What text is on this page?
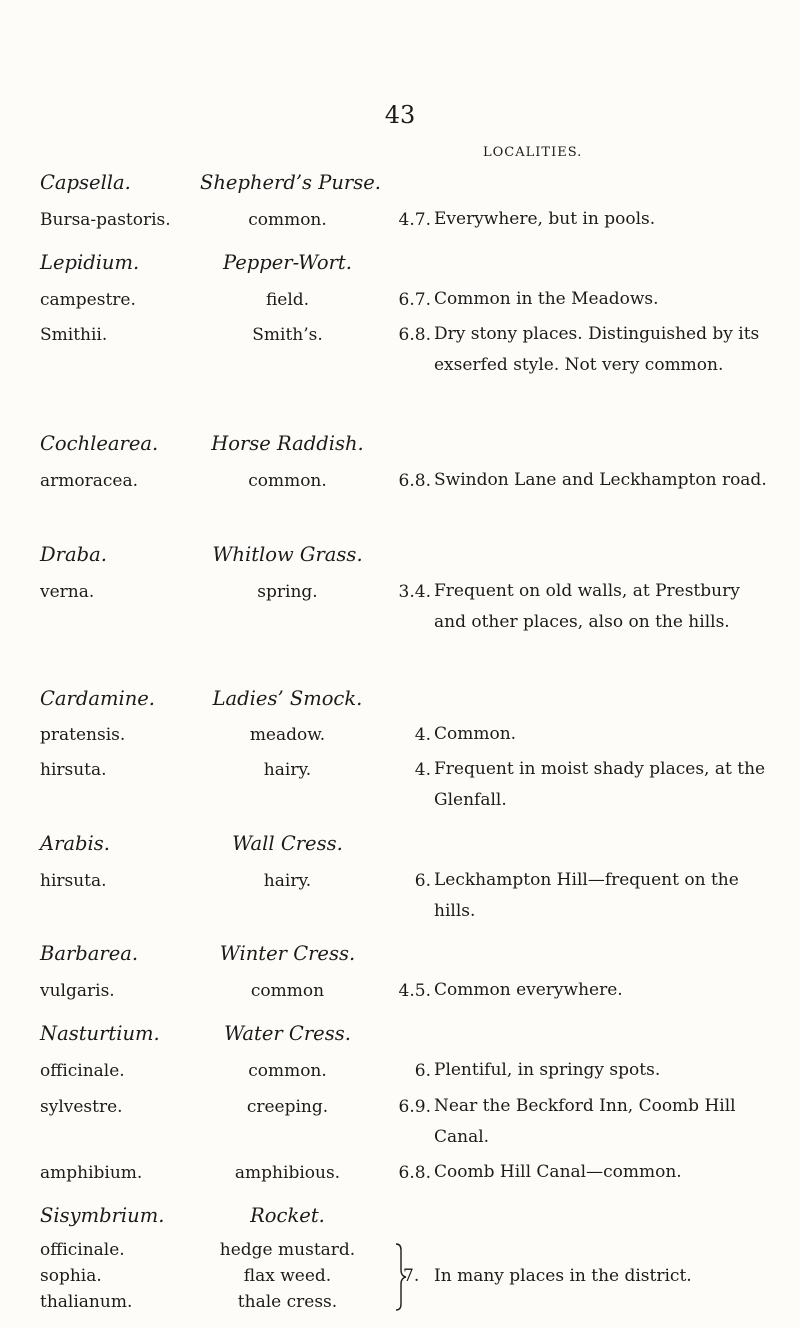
43
LOCALITIES.
Capsella.	Shepherd’s Purse.
Bursa-pastoris.	common.	4.7. Everywhere, but in pools.
Lepidium.	Pepper-Wort.
campestre.	field.	6.7. Common in the Meadows.
Smithii.	Smith’s.	6.8. Dry stony places. Distinguished by its exserfed style. Not very common.
Cochlearea.	Horse Raddish.
armoracea.	common.	6.8. Swindon Lane and Leckhampton road.
Draba.	Whitlow Grass.
verna.	spring.	3.4. Frequent on old walls, at Prestbury and other places, also on the hills.
Cardamine.	Ladies’ Smock.
pratensis.	meadow.	4. Common.
hirsuta.	hairy.	4. Frequent in moist shady places, at the Glenfall.
Arabis.	Wall Cress.
hirsuta.	hairy.	6. Leckhampton Hill—frequent on the hills.
Barbarea.	Winter Cress.
vulgaris.	common	4.5. Common everywhere.
Nasturtium.	Water Cress.
officinale.	common.	6. Plentiful, in springy spots.
sylvestre.	creeping.	6.9. Near the Beckford Inn, Coomb Hill Canal.
amphibium.	amphibious.	6.8. Coomb Hill Canal—common.
Sisymbrium.	Rocket.
officinale.	hedge mustard.
sophia.	flax weed.
thalianum.	thale cress.
7. In many places in the district.
